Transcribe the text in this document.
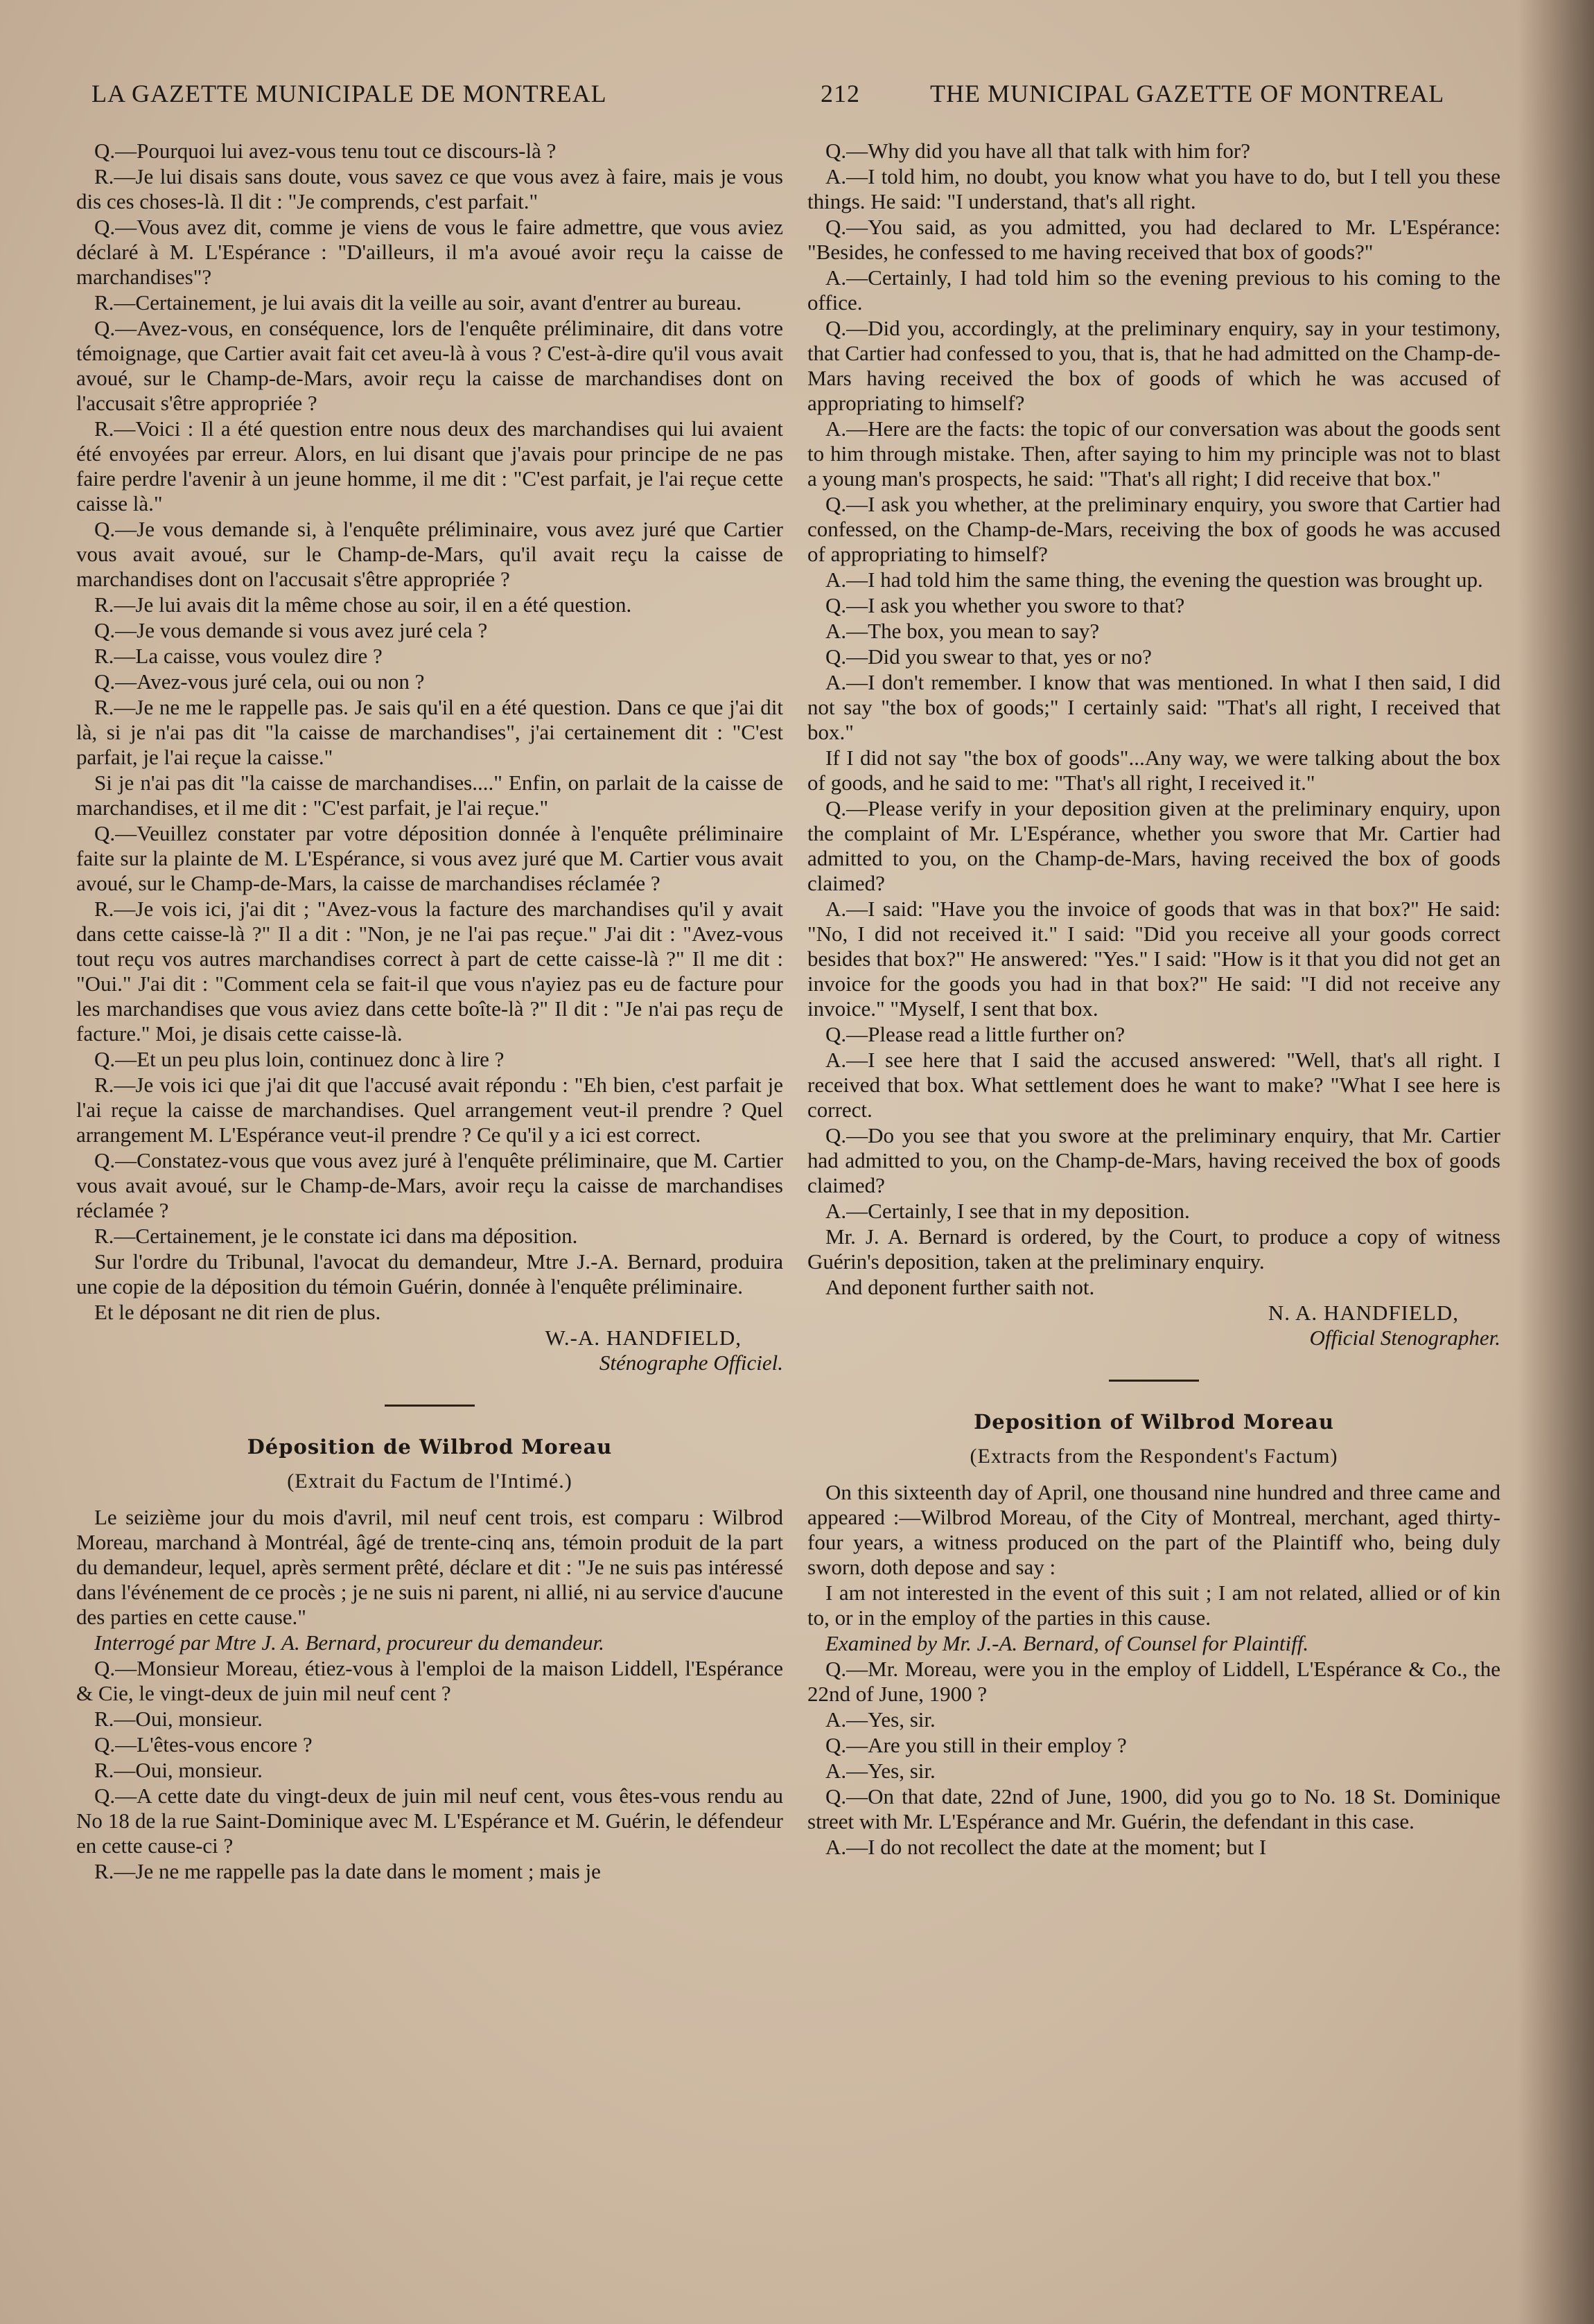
LA GAZETTE MUNICIPALE DE MONTREAL	212	THE MUNICIPAL GAZETTE OF MONTREAL

Q.—Pourquoi lui avez-vous tenu tout ce discours-là ?

R.—Je lui disais sans doute, vous savez ce que vous avez à faire, mais je vous dis ces choses-là. Il dit : "Je comprends, c'est parfait."

Q.—Vous avez dit, comme je viens de vous le faire admettre, que vous aviez déclaré à M. L'Espérance : "D'ailleurs, il m'a avoué avoir reçu la caisse de marchandises"?

R.—Certainement, je lui avais dit la veille au soir, avant d'entrer au bureau.

Q.—Avez-vous, en conséquence, lors de l'enquête préliminaire, dit dans votre témoignage, que Cartier avait fait cet aveu-là à vous ? C'est-à-dire qu'il vous avait avoué, sur le Champ-de-Mars, avoir reçu la caisse de marchandises dont on l'accusait s'être appropriée ?

R.—Voici : Il a été question entre nous deux des marchandises qui lui avaient été envoyées par erreur. Alors, en lui disant que j'avais pour principe de ne pas faire perdre l'avenir à un jeune homme, il me dit : "C'est parfait, je l'ai reçue cette caisse là."

Q.—Je vous demande si, à l'enquête préliminaire, vous avez juré que Cartier vous avait avoué, sur le Champ-de-Mars, qu'il avait reçu la caisse de marchandises dont on l'accusait s'être appropriée ?

R.—Je lui avais dit la même chose au soir, il en a été question.

Q.—Je vous demande si vous avez juré cela ?

R.—La caisse, vous voulez dire ?

Q.—Avez-vous juré cela, oui ou non ?

R.—Je ne me le rappelle pas. Je sais qu'il en a été question. Dans ce que j'ai dit là, si je n'ai pas dit "la caisse de marchandises", j'ai certainement dit : "C'est parfait, je l'ai reçue la caisse."

Si je n'ai pas dit "la caisse de marchandises...." Enfin, on parlait de la caisse de marchandises, et il me dit : "C'est parfait, je l'ai reçue."

Q.—Veuillez constater par votre déposition donnée à l'enquête préliminaire faite sur la plainte de M. L'Espérance, si vous avez juré que M. Cartier vous avait avoué, sur le Champ-de-Mars, la caisse de marchandises réclamée ?

R.—Je vois ici, j'ai dit ; "Avez-vous la facture des marchandises qu'il y avait dans cette caisse-là ?" Il a dit : "Non, je ne l'ai pas reçue." J'ai dit : "Avez-vous tout reçu vos autres marchandises correct à part de cette caisse-là ?" Il me dit : "Oui." J'ai dit : "Comment cela se fait-il que vous n'ayiez pas eu de facture pour les marchandises que vous aviez dans cette boîte-là ?" Il dit : "Je n'ai pas reçu de facture." Moi, je disais cette caisse-là.

Q.—Et un peu plus loin, continuez donc à lire ?

R.—Je vois ici que j'ai dit que l'accusé avait répondu : "Eh bien, c'est parfait je l'ai reçue la caisse de marchandises. Quel arrangement veut-il prendre ? Quel arrangement M. L'Espérance veut-il prendre ? Ce qu'il y a ici est correct.

Q.—Constatez-vous que vous avez juré à l'enquête préliminaire, que M. Cartier vous avait avoué, sur le Champ-de-Mars, avoir reçu la caisse de marchandises réclamée ?

R.—Certainement, je le constate ici dans ma déposition.

Sur l'ordre du Tribunal, l'avocat du demandeur, Mtre J.-A. Bernard, produira une copie de la déposition du témoin Guérin, donnée à l'enquête préliminaire.

Et le déposant ne dit rien de plus.

W.-A. HANDFIELD,
Sténographe Officiel.
Déposition de Wilbrod Moreau
(Extrait du Factum de l'Intimé.)

Le seizième jour du mois d'avril, mil neuf cent trois, est comparu : Wilbrod Moreau, marchand à Montréal, âgé de trente-cinq ans, témoin produit de la part du demandeur, lequel, après serment prêté, déclare et dit : "Je ne suis pas intéressé dans l'événement de ce procès ; je ne suis ni parent, ni allié, ni au service d'aucune des parties en cette cause."

Interrogé par Mtre J. A. Bernard, procureur du demandeur.

Q.—Monsieur Moreau, étiez-vous à l'emploi de la maison Liddell, l'Espérance & Cie, le vingt-deux de juin mil neuf cent ?

R.—Oui, monsieur.

Q.—L'êtes-vous encore ?

R.—Oui, monsieur.

Q.—A cette date du vingt-deux de juin mil neuf cent, vous êtes-vous rendu au No 18 de la rue Saint-Dominique avec M. L'Espérance et M. Guérin, le défendeur en cette cause-ci ?

R.—Je ne me rappelle pas la date dans le moment ; mais je

Q.—Why did you have all that talk with him for?

A.—I told him, no doubt, you know what you have to do, but I tell you these things. He said: "I understand, that's all right.

Q.—You said, as you admitted, you had declared to Mr. L'Espérance: "Besides, he confessed to me having received that box of goods?"

A.—Certainly, I had told him so the evening previous to his coming to the office.

Q.—Did you, accordingly, at the preliminary enquiry, say in your testimony, that Cartier had confessed to you, that is, that he had admitted on the Champ-de-Mars having received the box of goods of which he was accused of appropriating to himself?

A.—Here are the facts: the topic of our conversation was about the goods sent to him through mistake. Then, after saying to him my principle was not to blast a young man's prospects, he said: "That's all right; I did receive that box."

Q.—I ask you whether, at the preliminary enquiry, you swore that Cartier had confessed, on the Champ-de-Mars, receiving the box of goods he was accused of appropriating to himself?

A.—I had told him the same thing, the evening the question was brought up.

Q.—I ask you whether you swore to that?

A.—The box, you mean to say?

Q.—Did you swear to that, yes or no?

A.—I don't remember. I know that was mentioned. In what I then said, I did not say "the box of goods;" I certainly said: "That's all right, I received that box."

If I did not say "the box of goods"...Any way, we were talking about the box of goods, and he said to me: "That's all right, I received it."

Q.—Please verify in your deposition given at the preliminary enquiry, upon the complaint of Mr. L'Espérance, whether you swore that Mr. Cartier had admitted to you, on the Champ-de-Mars, having received the box of goods claimed?

A.—I said: "Have you the invoice of goods that was in that box?" He said: "No, I did not received it." I said: "Did you receive all your goods correct besides that box?" He answered: "Yes." I said: "How is it that you did not get an invoice for the goods you had in that box?" He said: "I did not receive any invoice." "Myself, I sent that box.

Q.—Please read a little further on?

A.—I see here that I said the accused answered: "Well, that's all right. I received that box. What settlement does he want to make? "What I see here is correct.

Q.—Do you see that you swore at the preliminary enquiry, that Mr. Cartier had admitted to you, on the Champ-de-Mars, having received the box of goods claimed?

A.—Certainly, I see that in my deposition.

Mr. J. A. Bernard is ordered, by the Court, to produce a copy of witness Guérin's deposition, taken at the preliminary enquiry.

And deponent further saith not.

N. A. HANDFIELD,
Official Stenographer.
Deposition of Wilbrod Moreau
(Extracts from the Respondent's Factum)

On this sixteenth day of April, one thousand nine hundred and three came and appeared :—Wilbrod Moreau, of the City of Montreal, merchant, aged thirty-four years, a witness produced on the part of the Plaintiff who, being duly sworn, doth depose and say :

I am not interested in the event of this suit ; I am not related, allied or of kin to, or in the employ of the parties in this cause.

Examined by Mr. J.-A. Bernard, of Counsel for Plaintiff.

Q.—Mr. Moreau, were you in the employ of Liddell, L'Espérance & Co., the 22nd of June, 1900 ?

A.—Yes, sir.

Q.—Are you still in their employ ?

A.—Yes, sir.

Q.—On that date, 22nd of June, 1900, did you go to No. 18 St. Dominique street with Mr. L'Espérance and Mr. Guérin, the defendant in this case.

A.—I do not recollect the date at the moment; but I
